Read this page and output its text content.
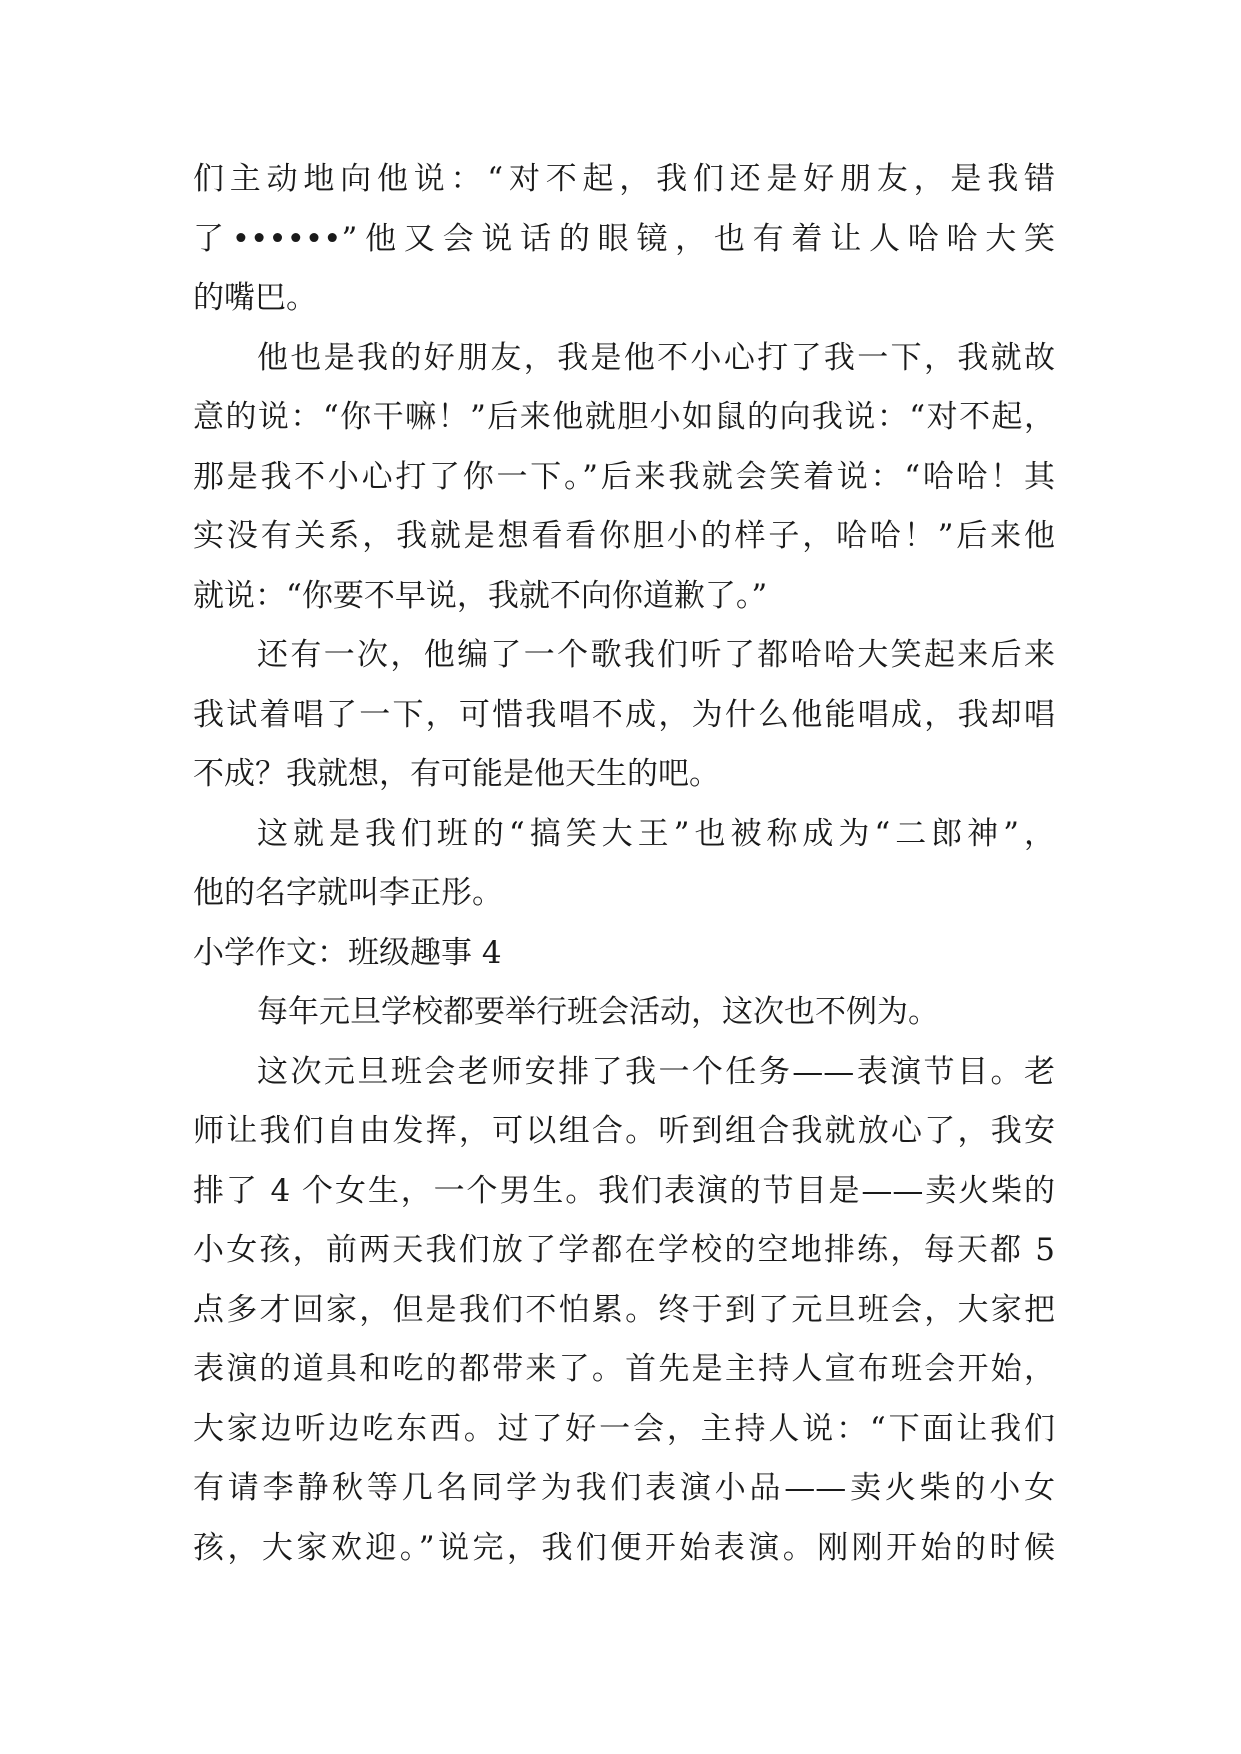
们主动地向他说：“对不起，我们还是好朋友，是我错
了••••••”他又会说话的眼镜，也有着让人哈哈大笑
的嘴巴。
他也是我的好朋友，我是他不小心打了我一下，我就故
意的说：“你干嘛！”后来他就胆小如鼠的向我说：“对不起，
那是我不小心打了你一下。”后来我就会笑着说：“哈哈！其
实没有关系，我就是想看看你胆小的样子，哈哈！”后来他
就说：“你要不早说，我就不向你道歉了。”
还有一次，他编了一个歌我们听了都哈哈大笑起来后来
我试着唱了一下，可惜我唱不成，为什么他能唱成，我却唱
不成？我就想，有可能是他天生的吧。
这就是我们班的“搞笑大王”也被称成为“二郎神”，
他的名字就叫李正彤。
小学作文：班级趣事 4
每年元旦学校都要举行班会活动，这次也不例为。
这次元旦班会老师安排了我一个任务——表演节目。老
师让我们自由发挥，可以组合。听到组合我就放心了，我安
排了 4 个女生，一个男生。我们表演的节目是——卖火柴的
小女孩，前两天我们放了学都在学校的空地排练，每天都 5
点多才回家，但是我们不怕累。终于到了元旦班会，大家把
表演的道具和吃的都带来了。首先是主持人宣布班会开始，
大家边听边吃东西。过了好一会，主持人说：“下面让我们
有请李静秋等几名同学为我们表演小品——卖火柴的小女
孩，大家欢迎。”说完，我们便开始表演。刚刚开始的时候
